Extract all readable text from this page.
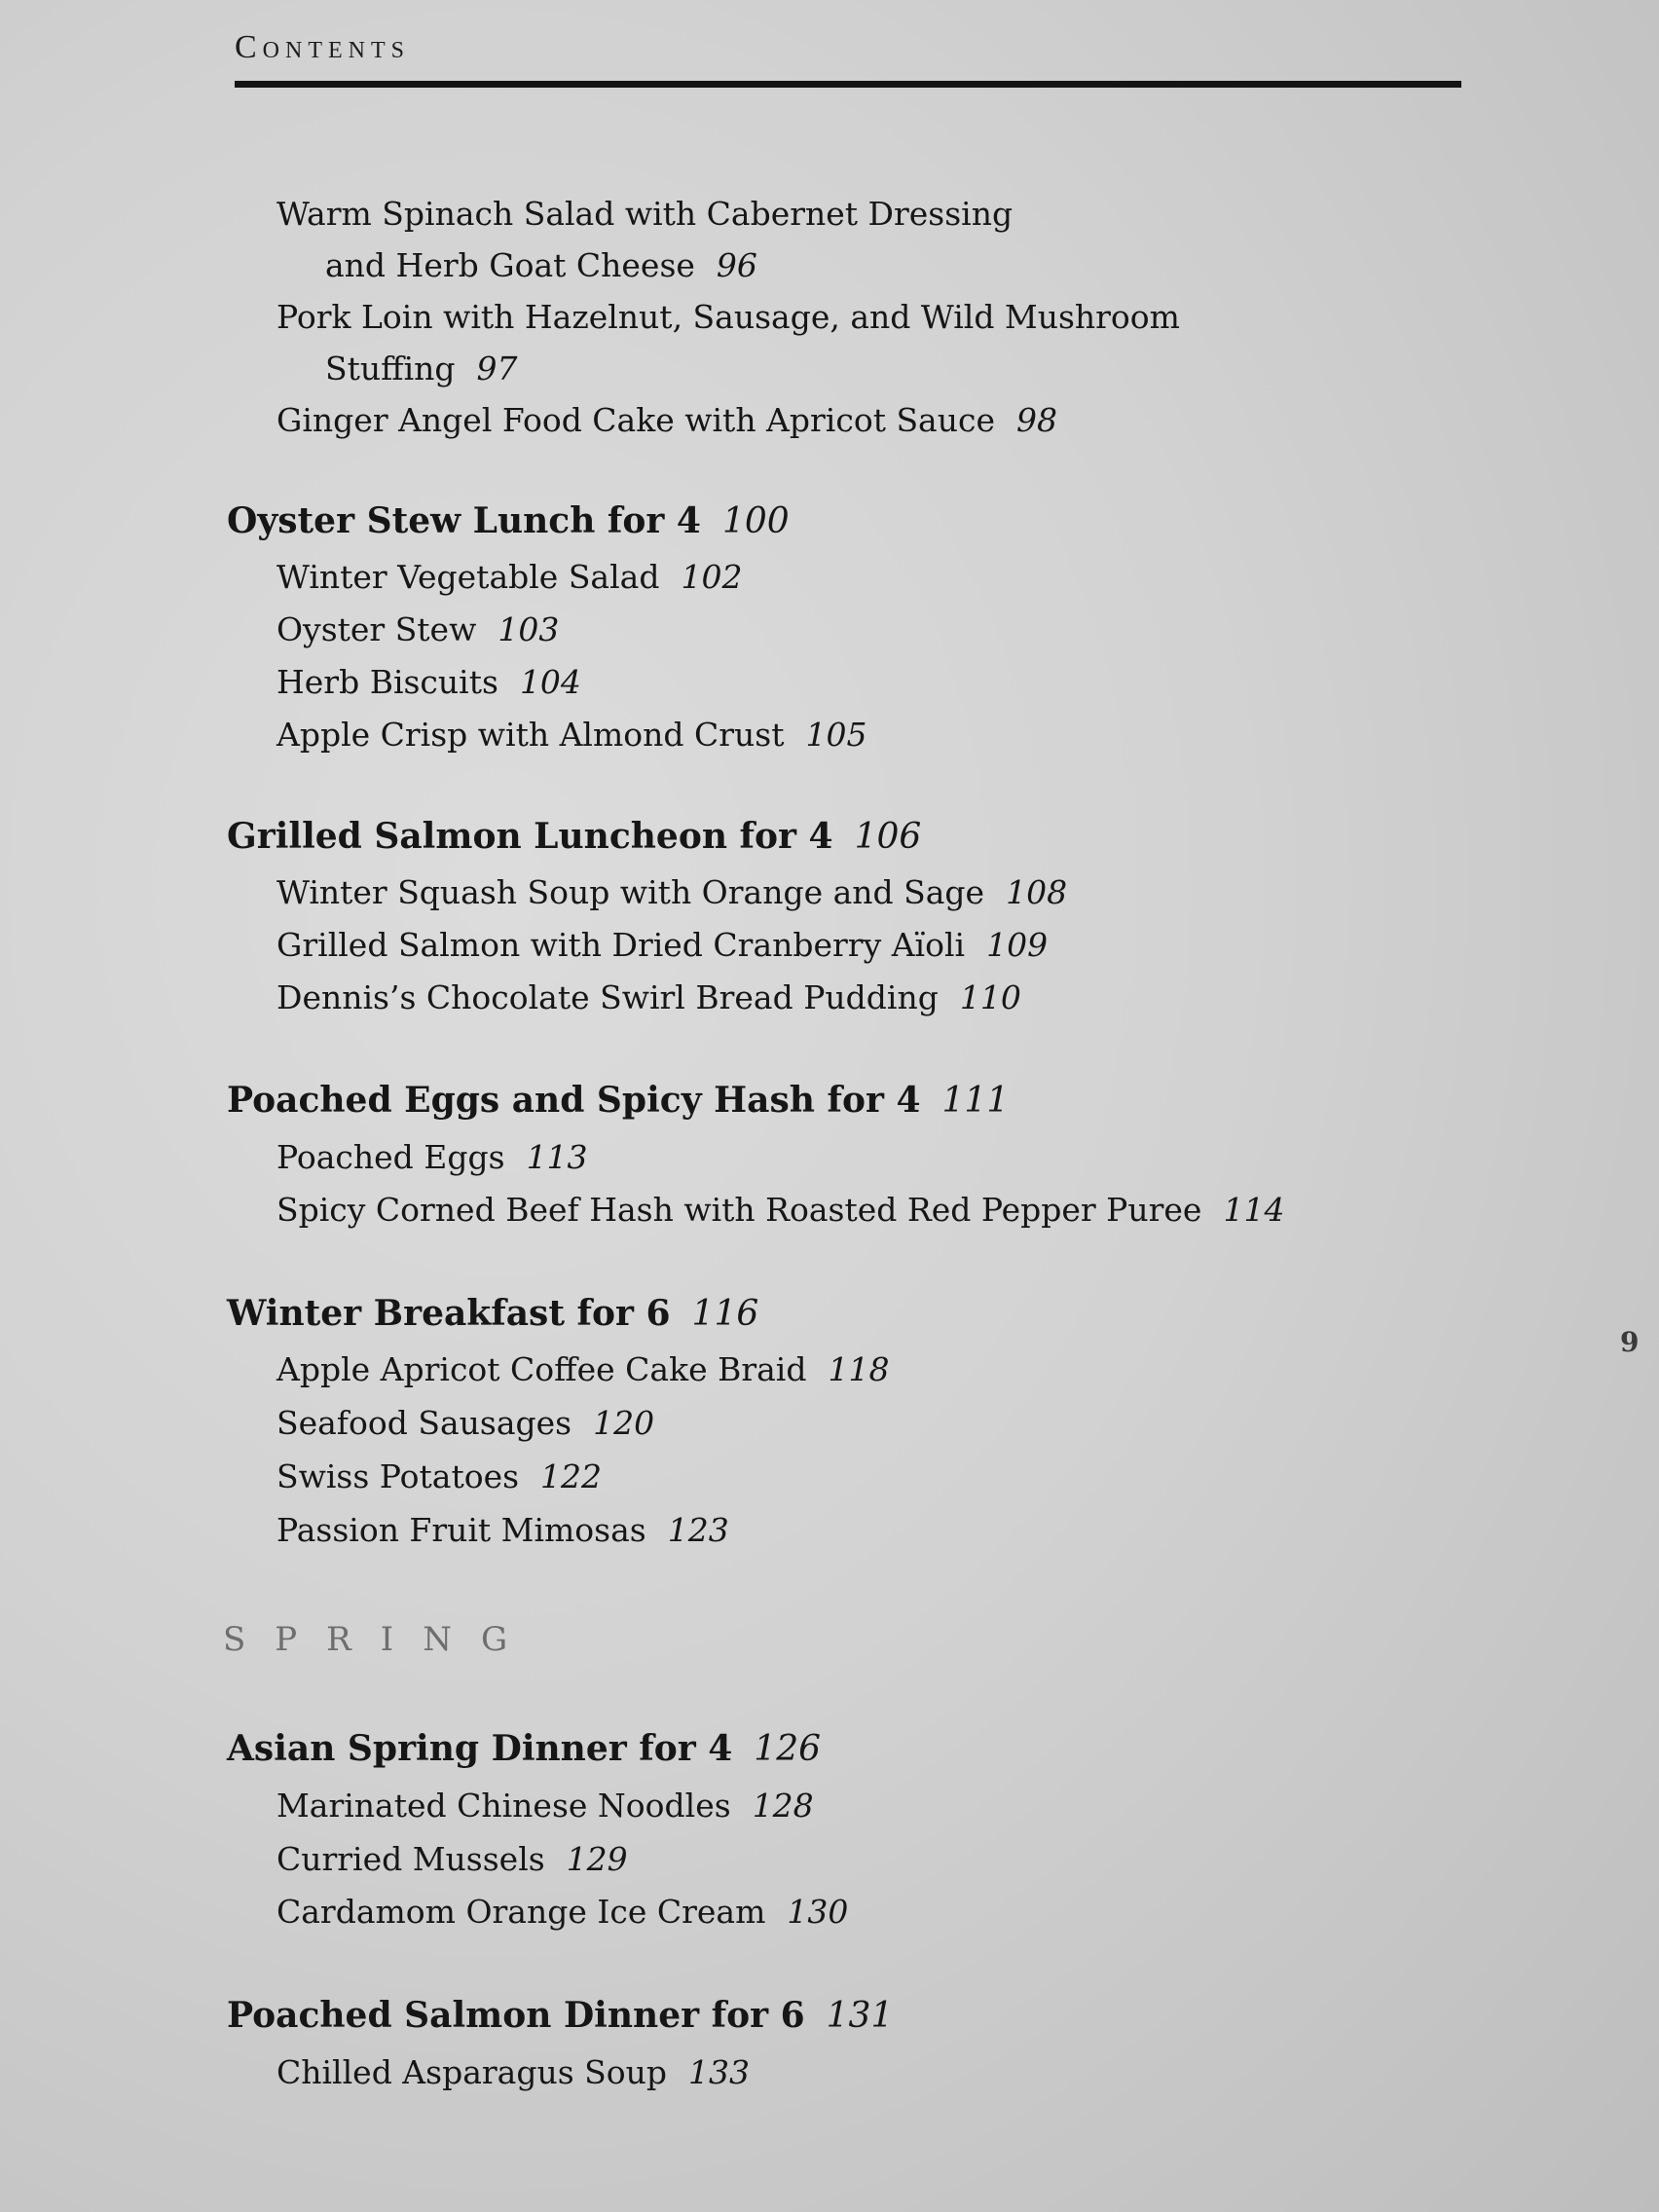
Contents
Warm Spinach Salad with Cabernet Dressing
and Herb Goat Cheese 96
Pork Loin with Hazelnut, Sausage, and Wild Mushroom
Stuffing 97
Ginger Angel Food Cake with Apricot Sauce 98
Oyster Stew Lunch for 4 100
Winter Vegetable Salad 102
Oyster Stew 103
Herb Biscuits 104
Apple Crisp with Almond Crust 105
Grilled Salmon Luncheon for 4 106
Winter Squash Soup with Orange and Sage 108
Grilled Salmon with Dried Cranberry Aïoli 109
Dennis’s Chocolate Swirl Bread Pudding 110
Poached Eggs and Spicy Hash for 4 111
Poached Eggs 113
Spicy Corned Beef Hash with Roasted Red Pepper Puree 114
Winter Breakfast for 6 116
Apple Apricot Coffee Cake Braid 118
Seafood Sausages 120
Swiss Potatoes 122
Passion Fruit Mimosas 123
SPRING
Asian Spring Dinner for 4 126
Marinated Chinese Noodles 128
Curried Mussels 129
Cardamom Orange Ice Cream 130
Poached Salmon Dinner for 6 131
Chilled Asparagus Soup 133
9
